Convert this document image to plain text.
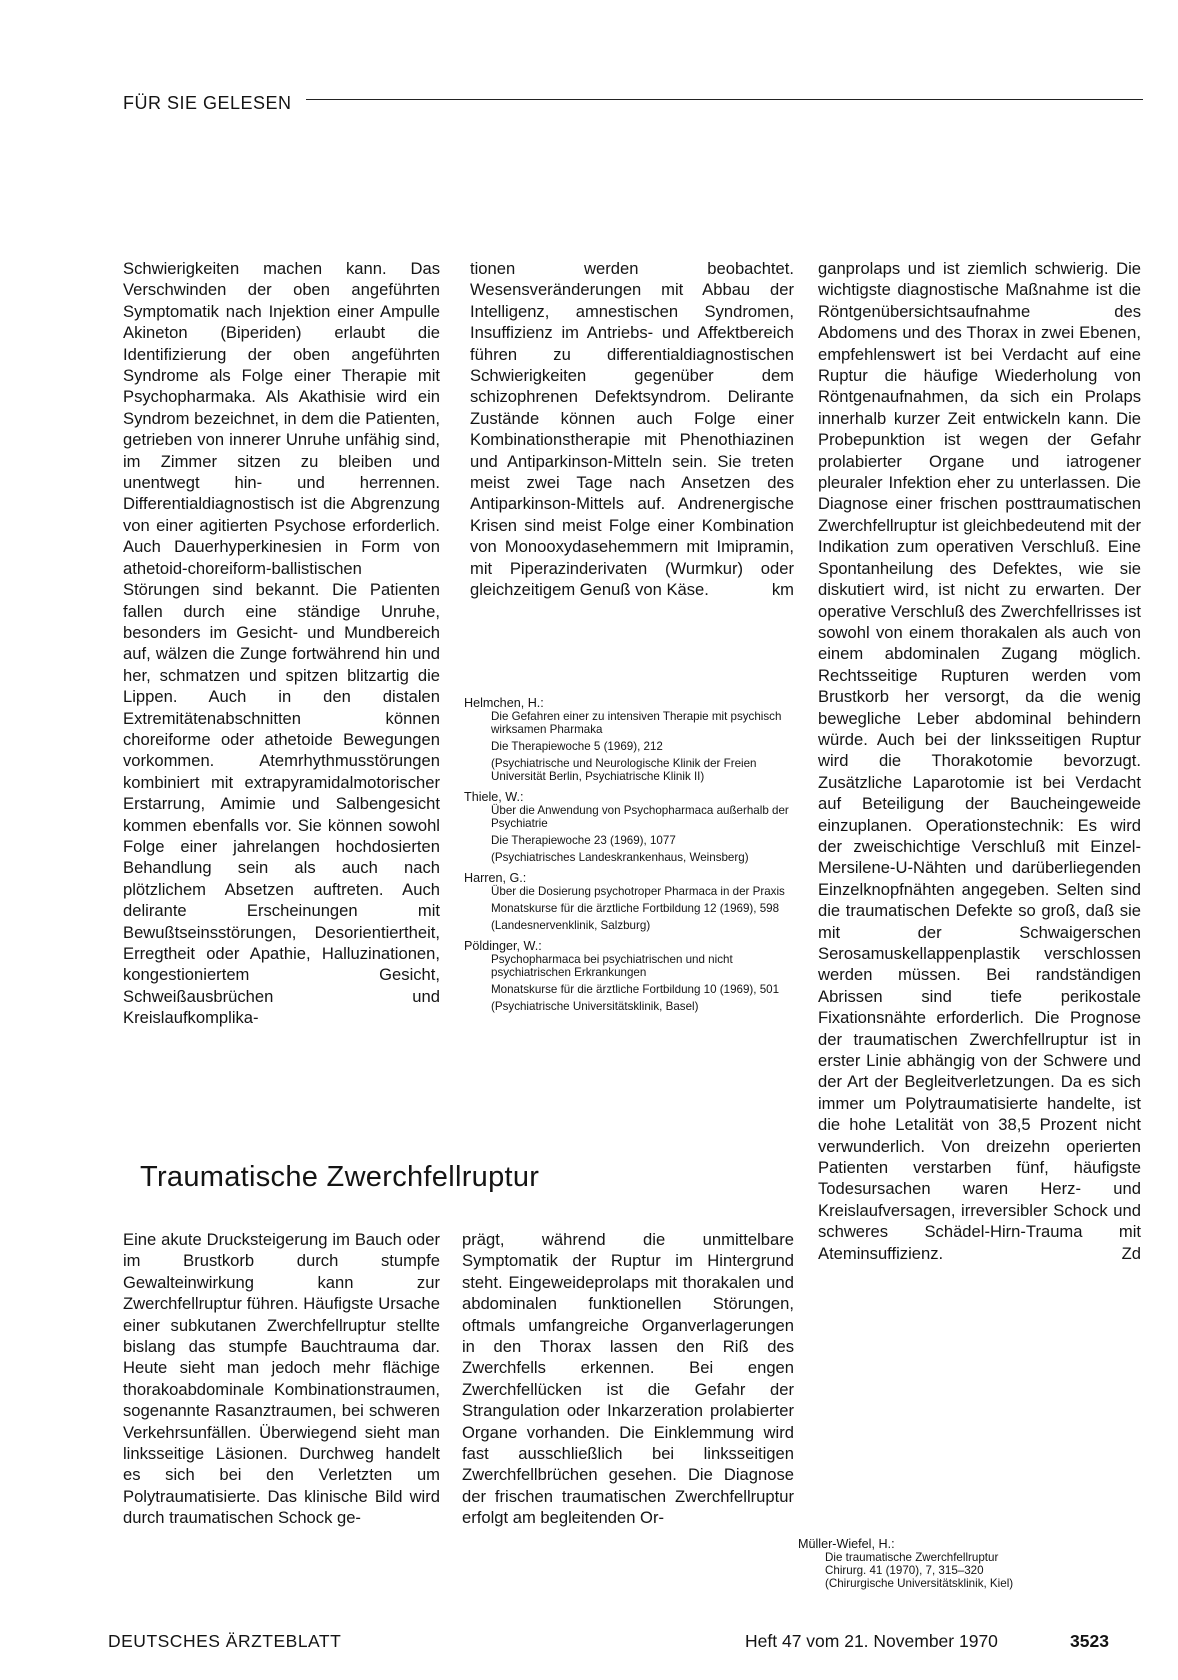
FÜR SIE GELESEN

Schwierigkeiten machen kann. Das Verschwinden der oben angeführten Symptomatik nach Injektion einer Ampulle Akineton (Biperiden) erlaubt die Identifizierung der oben angeführten Syndrome als Folge einer Therapie mit Psychopharmaka. Als Akathisie wird ein Syndrom bezeichnet, in dem die Patienten, getrieben von innerer Unruhe unfähig sind, im Zimmer sitzen zu bleiben und unentwegt hin- und herrennen. Differentialdiagnostisch ist die Abgrenzung von einer agitierten Psychose erforderlich. Auch Dauerhyperkinesien in Form von athetoid-choreiform-ballistischen Störungen sind bekannt. Die Patienten fallen durch eine ständige Unruhe, besonders im Gesicht- und Mundbereich auf, wälzen die Zunge fortwährend hin und her, schmatzen und spitzen blitzartig die Lippen. Auch in den distalen Extremitätenabschnitten können choreiforme oder athetoide Bewegungen vorkommen. Atemrhythmusstörungen kombiniert mit extrapyramidalmotorischer Erstarrung, Amimie und Salbengesicht kommen ebenfalls vor. Sie können sowohl Folge einer jahrelangen hochdosierten Behandlung sein als auch nach plötzlichem Absetzen auftreten. Auch delirante Erscheinungen mit Bewußtseinsstörungen, Desorientiertheit, Erregtheit oder Apathie, Halluzinationen, kongestioniertem Gesicht, Schweißausbrüchen und Kreislaufkomplika-

tionen werden beobachtet. Wesensveränderungen mit Abbau der Intelligenz, amnestischen Syndromen, Insuffizienz im Antriebs- und Affektbereich führen zu differentialdiagnostischen Schwierigkeiten gegenüber dem schizophrenen Defektsyndrom. Delirante Zustände können auch Folge einer Kombinationstherapie mit Phenothiazinen und Antiparkinson-Mitteln sein. Sie treten meist zwei Tage nach Ansetzen des Antiparkinson-Mittels auf. Andrenergische Krisen sind meist Folge einer Kombination von Monooxydasehemmern mit Imipramin, mit Piperazinderivaten (Wurmkur) oder gleichzeitigem Genuß von Käse.	km

Helmchen, H.:
Die Gefahren einer zu intensiven Therapie mit psychisch wirksamen Pharmaka
Die Therapiewoche 5 (1969), 212
(Psychiatrische und Neurologische Klinik der Freien Universität Berlin, Psychiatrische Klinik II)
Thiele, W.:
Über die Anwendung von Psychopharmaca außerhalb der Psychiatrie
Die Therapiewoche 23 (1969), 1077
(Psychiatrisches Landeskrankenhaus, Weinsberg)
Harren, G.:
Über die Dosierung psychotroper Pharmaca in der Praxis
Monatskurse für die ärztliche Fortbildung 12 (1969), 598
(Landesnervenklinik, Salzburg)
Pöldinger, W.:
Psychopharmaca bei psychiatrischen und nicht psychiatrischen Erkrankungen
Monatskurse für die ärztliche Fortbildung 10 (1969), 501
(Psychiatrische Universitätsklinik, Basel)
Traumatische Zwerchfellruptur

Eine akute Drucksteigerung im Bauch oder im Brustkorb durch stumpfe Gewalteinwirkung kann zur Zwerchfellruptur führen. Häufigste Ursache einer subkutanen Zwerchfellruptur stellte bislang das stumpfe Bauchtrauma dar. Heute sieht man jedoch mehr flächige thorakoabdominale Kombinationstraumen, sogenannte Rasanztraumen, bei schweren Verkehrsunfällen. Überwiegend sieht man linksseitige Läsionen. Durchweg handelt es sich bei den Verletzten um Polytraumatisierte. Das klinische Bild wird durch traumatischen Schock ge-

prägt, während die unmittelbare Symptomatik der Ruptur im Hintergrund steht. Eingeweideprolaps mit thorakalen und abdominalen funktionellen Störungen, oftmals umfangreiche Organverlagerungen in den Thorax lassen den Riß des Zwerchfells erkennen. Bei engen Zwerchfellücken ist die Gefahr der Strangulation oder Inkarzeration prolabierter Organe vorhanden. Die Einklemmung wird fast ausschließlich bei linksseitigen Zwerchfellbrüchen gesehen. Die Diagnose der frischen traumatischen Zwerchfellruptur erfolgt am begleitenden Or-

ganprolaps und ist ziemlich schwierig. Die wichtigste diagnostische Maßnahme ist die Röntgenübersichtsaufnahme des Abdomens und des Thorax in zwei Ebenen, empfehlenswert ist bei Verdacht auf eine Ruptur die häufige Wiederholung von Röntgenaufnahmen, da sich ein Prolaps innerhalb kurzer Zeit entwickeln kann. Die Probepunktion ist wegen der Gefahr prolabierter Organe und iatrogener pleuraler Infektion eher zu unterlassen. Die Diagnose einer frischen posttraumatischen Zwerchfellruptur ist gleichbedeutend mit der Indikation zum operativen Verschluß. Eine Spontanheilung des Defektes, wie sie diskutiert wird, ist nicht zu erwarten. Der operative Verschluß des Zwerchfellrisses ist sowohl von einem thorakalen als auch von einem abdominalen Zugang möglich. Rechtsseitige Rupturen werden vom Brustkorb her versorgt, da die wenig bewegliche Leber abdominal behindern würde. Auch bei der linksseitigen Ruptur wird die Thorakotomie bevorzugt. Zusätzliche Laparotomie ist bei Verdacht auf Beteiligung der Baucheingeweide einzuplanen. Operationstechnik: Es wird der zweischichtige Verschluß mit Einzel-Mersilene-U-Nähten und darüberliegenden Einzelknopfnähten angegeben. Selten sind die traumatischen Defekte so groß, daß sie mit der Schwaigerschen Serosamuskellappenplastik verschlossen werden müssen. Bei randständigen Abrissen sind tiefe perikostale Fixationsnähte erforderlich. Die Prognose der traumatischen Zwerchfellruptur ist in erster Linie abhängig von der Schwere und der Art der Begleitverletzungen. Da es sich immer um Polytraumatisierte handelte, ist die hohe Letalität von 38,5 Prozent nicht verwunderlich. Von dreizehn operierten Patienten verstarben fünf, häufigste Todesursachen waren Herz- und Kreislaufversagen, irreversibler Schock und schweres Schädel-Hirn-Trauma mit Ateminsuffizienz.	Zd

Müller-Wiefel, H.:
Die traumatische Zwerchfellruptur
Chirurg. 41 (1970), 7, 315–320
(Chirurgische Universitätsklinik, Kiel)
DEUTSCHES ÄRZTEBLATT	Heft 47 vom 21. November 1970	3523
